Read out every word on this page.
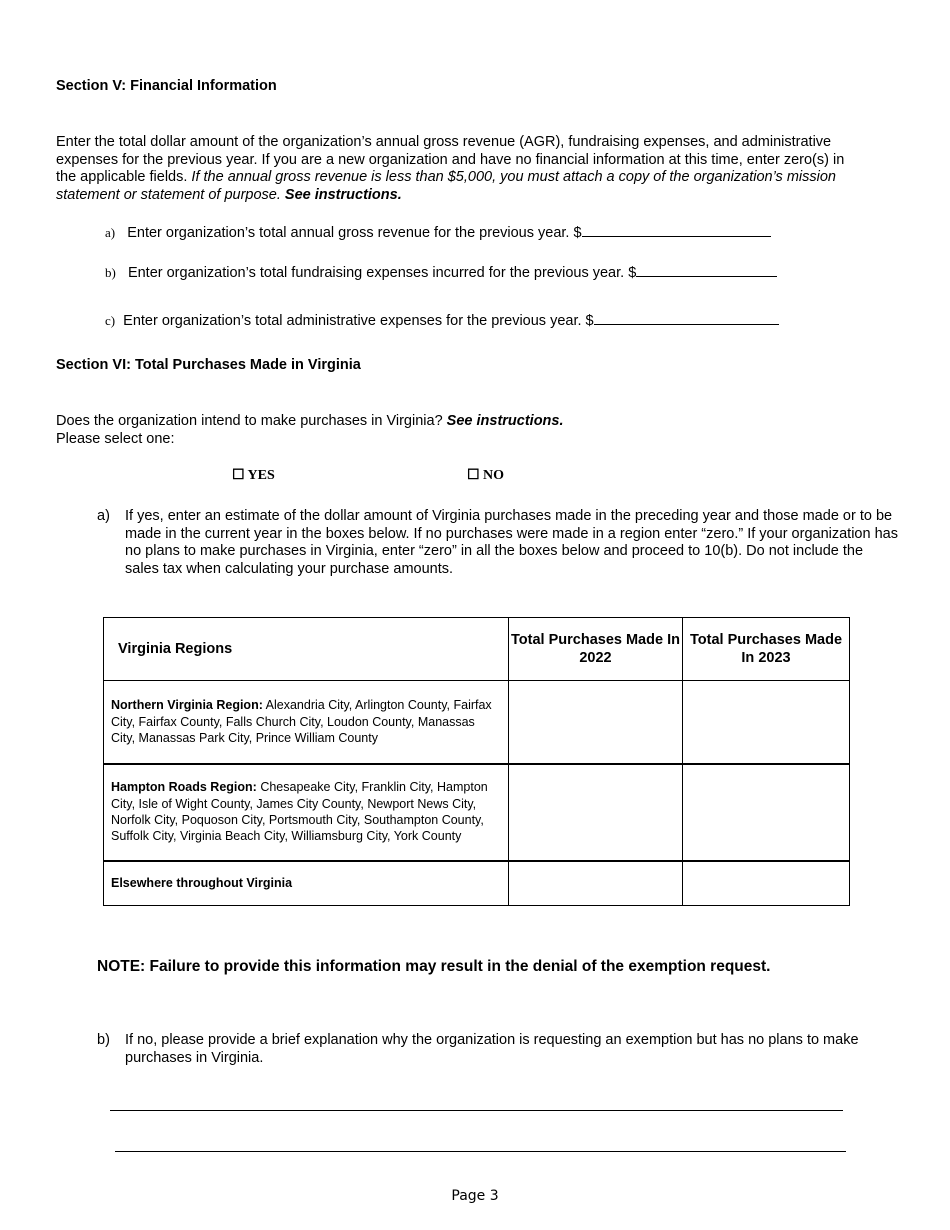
Section V: Financial Information
Enter the total dollar amount of the organization’s annual gross revenue (AGR), fundraising expenses, and administrative expenses for the previous year. If you are a new organization and have no financial information at this time, enter zero(s) in the applicable fields. If the annual gross revenue is less than $5,000, you must attach a copy of the organization’s mission statement or statement of purpose. See instructions.
a) Enter organization’s total annual gross revenue for the previous year. $
b) Enter organization’s total fundraising expenses incurred for the previous year. $
c) Enter organization’s total administrative expenses for the previous year. $
Section VI: Total Purchases Made in Virginia
Does the organization intend to make purchases in Virginia? See instructions.
Please select one:
☐ YES	☐ NO
a) If yes, enter an estimate of the dollar amount of Virginia purchases made in the preceding year and those made or to be made in the current year in the boxes below. If no purchases were made in a region enter “zero.” If your organization has no plans to make purchases in Virginia, enter “zero” in all the boxes below and proceed to 10(b). Do not include the sales tax when calculating your purchase amounts.
Virginia Regions	Total Purchases Made In 2022	Total Purchases Made In 2023
Northern Virginia Region: Alexandria City, Arlington County, Fairfax City, Fairfax County, Falls Church City, Loudon County, Manassas City, Manassas Park City, Prince William County		
Hampton Roads Region: Chesapeake City, Franklin City, Hampton City, Isle of Wight County, James City County, Newport News City, Norfolk City, Poquoson City, Portsmouth City, Southampton County, Suffolk City, Virginia Beach City, Williamsburg City, York County		
Elsewhere throughout Virginia		
NOTE: Failure to provide this information may result in the denial of the exemption request.
b) If no, please provide a brief explanation why the organization is requesting an exemption but has no plans to make purchases in Virginia.
Page 3
